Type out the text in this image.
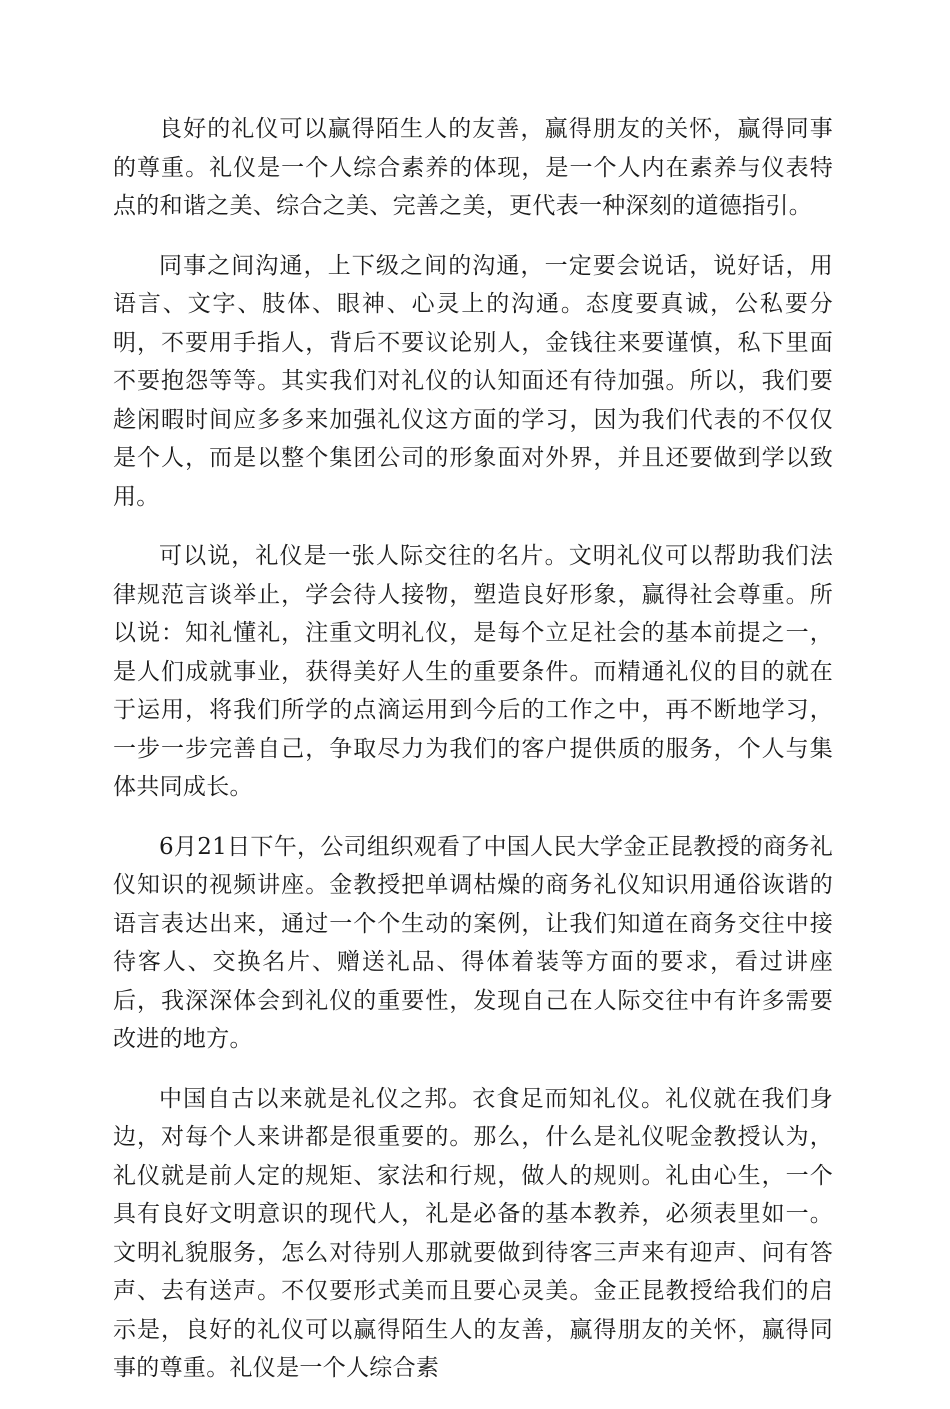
良好的礼仪可以赢得陌生人的友善，赢得朋友的关怀，赢得同事的尊重。礼仪是一个人综合素养的体现，是一个人内在素养与仪表特点的和谐之美、综合之美、完善之美，更代表一种深刻的道德指引。

同事之间沟通，上下级之间的沟通，一定要会说话，说好话，用语言、文字、肢体、眼神、心灵上的沟通。态度要真诚，公私要分明，不要用手指人，背后不要议论别人，金钱往来要谨慎，私下里面不要抱怨等等。其实我们对礼仪的认知面还有待加强。所以，我们要趁闲暇时间应多多来加强礼仪这方面的学习，因为我们代表的不仅仅是个人，而是以整个集团公司的形象面对外界，并且还要做到学以致用。

可以说，礼仪是一张人际交往的名片。文明礼仪可以帮助我们法律规范言谈举止，学会待人接物，塑造良好形象，赢得社会尊重。所以说：知礼懂礼，注重文明礼仪，是每个立足社会的基本前提之一，是人们成就事业，获得美好人生的重要条件。而精通礼仪的目的就在于运用，将我们所学的点滴运用到今后的工作之中，再不断地学习，一步一步完善自己，争取尽力为我们的客户提供质的服务，个人与集体共同成长。

6月21日下午，公司组织观看了中国人民大学金正昆教授的商务礼仪知识的视频讲座。金教授把单调枯燥的商务礼仪知识用通俗诙谐的语言表达出来，通过一个个生动的案例，让我们知道在商务交往中接待客人、交换名片、赠送礼品、得体着装等方面的要求，看过讲座后，我深深体会到礼仪的重要性，发现自己在人际交往中有许多需要改进的地方。

中国自古以来就是礼仪之邦。衣食足而知礼仪。礼仪就在我们身边，对每个人来讲都是很重要的。那么，什么是礼仪呢金教授认为，礼仪就是前人定的规矩、家法和行规，做人的规则。礼由心生，一个具有良好文明意识的现代人，礼是必备的基本教养，必须表里如一。文明礼貌服务，怎么对待别人那就要做到待客三声来有迎声、问有答声、去有送声。不仅要形式美而且要心灵美。金正昆教授给我们的启示是，良好的礼仪可以赢得陌生人的友善，赢得朋友的关怀，赢得同事的尊重。礼仪是一个人综合素
